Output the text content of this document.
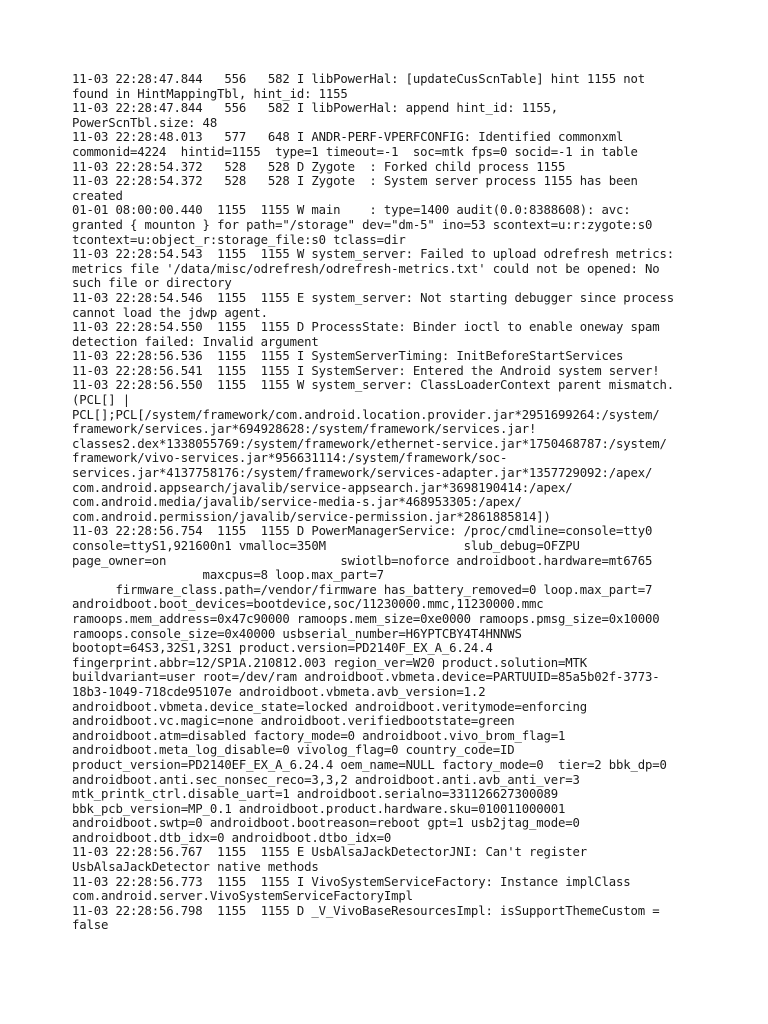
11-03 22:28:47.844   556   582 I libPowerHal: [updateCusScnTable] hint 1155 not
found in HintMappingTbl, hint_id: 1155
11-03 22:28:47.844   556   582 I libPowerHal: append hint_id: 1155,
PowerScnTbl.size: 48
11-03 22:28:48.013   577   648 I ANDR-PERF-VPERFCONFIG: Identified commonxml
commonid=4224  hintid=1155  type=1 timeout=-1  soc=mtk fps=0 socid=-1 in table
11-03 22:28:54.372   528   528 D Zygote  : Forked child process 1155
11-03 22:28:54.372   528   528 I Zygote  : System server process 1155 has been
created
01-01 08:00:00.440  1155  1155 W main    : type=1400 audit(0.0:8388608): avc:
granted { mounton } for path="/storage" dev="dm-5" ino=53 scontext=u:r:zygote:s0
tcontext=u:object_r:storage_file:s0 tclass=dir
11-03 22:28:54.543  1155  1155 W system_server: Failed to upload odrefresh metrics:
metrics file '/data/misc/odrefresh/odrefresh-metrics.txt' could not be opened: No
such file or directory
11-03 22:28:54.546  1155  1155 E system_server: Not starting debugger since process
cannot load the jdwp agent.
11-03 22:28:54.550  1155  1155 D ProcessState: Binder ioctl to enable oneway spam
detection failed: Invalid argument
11-03 22:28:56.536  1155  1155 I SystemServerTiming: InitBeforeStartServices
11-03 22:28:56.541  1155  1155 I SystemServer: Entered the Android system server!
11-03 22:28:56.550  1155  1155 W system_server: ClassLoaderContext parent mismatch.
(PCL[] |
PCL[];PCL[/system/framework/com.android.location.provider.jar*2951699264:/system/
framework/services.jar*694928628:/system/framework/services.jar!
classes2.dex*1338055769:/system/framework/ethernet-service.jar*1750468787:/system/
framework/vivo-services.jar*956631114:/system/framework/soc-
services.jar*4137758176:/system/framework/services-adapter.jar*1357729092:/apex/
com.android.appsearch/javalib/service-appsearch.jar*3698190414:/apex/
com.android.media/javalib/service-media-s.jar*468953305:/apex/
com.android.permission/javalib/service-permission.jar*2861885814])
11-03 22:28:56.754  1155  1155 D PowerManagerService: /proc/cmdline=console=tty0
console=ttyS1,921600n1 vmalloc=350M                   slub_debug=OFZPU
page_owner=on                        swiotlb=noforce androidboot.hardware=mt6765
maxcpus=8 loop.max_part=7
firmware_class.path=/vendor/firmware has_battery_removed=0 loop.max_part=7
androidboot.boot_devices=bootdevice,soc/11230000.mmc,11230000.mmc
ramoops.mem_address=0x47c90000 ramoops.mem_size=0xe0000 ramoops.pmsg_size=0x10000
ramoops.console_size=0x40000 usbserial_number=H6YPTCBY4T4HNNWS
bootopt=64S3,32S1,32S1 product.version=PD2140F_EX_A_6.24.4
fingerprint.abbr=12/SP1A.210812.003 region_ver=W20 product.solution=MTK
buildvariant=user root=/dev/ram androidboot.vbmeta.device=PARTUUID=85a5b02f-3773-
18b3-1049-718cde95107e androidboot.vbmeta.avb_version=1.2
androidboot.vbmeta.device_state=locked androidboot.veritymode=enforcing
androidboot.vc.magic=none androidboot.verifiedbootstate=green
androidboot.atm=disabled factory_mode=0 androidboot.vivo_brom_flag=1
androidboot.meta_log_disable=0 vivolog_flag=0 country_code=ID
product_version=PD2140EF_EX_A_6.24.4 oem_name=NULL factory_mode=0  tier=2 bbk_dp=0
androidboot.anti.sec_nonsec_reco=3,3,2 androidboot.anti.avb_anti_ver=3
mtk_printk_ctrl.disable_uart=1 androidboot.serialno=331126627300089
bbk_pcb_version=MP_0.1 androidboot.product.hardware.sku=010011000001
androidboot.swtp=0 androidboot.bootreason=reboot gpt=1 usb2jtag_mode=0
androidboot.dtb_idx=0 androidboot.dtbo_idx=0
11-03 22:28:56.767  1155  1155 E UsbAlsaJackDetectorJNI: Can't register
UsbAlsaJackDetector native methods
11-03 22:28:56.773  1155  1155 I VivoSystemServiceFactory: Instance implClass
com.android.server.VivoSystemServiceFactoryImpl
11-03 22:28:56.798  1155  1155 D _V_VivoBaseResourcesImpl: isSupportThemeCustom =
false
